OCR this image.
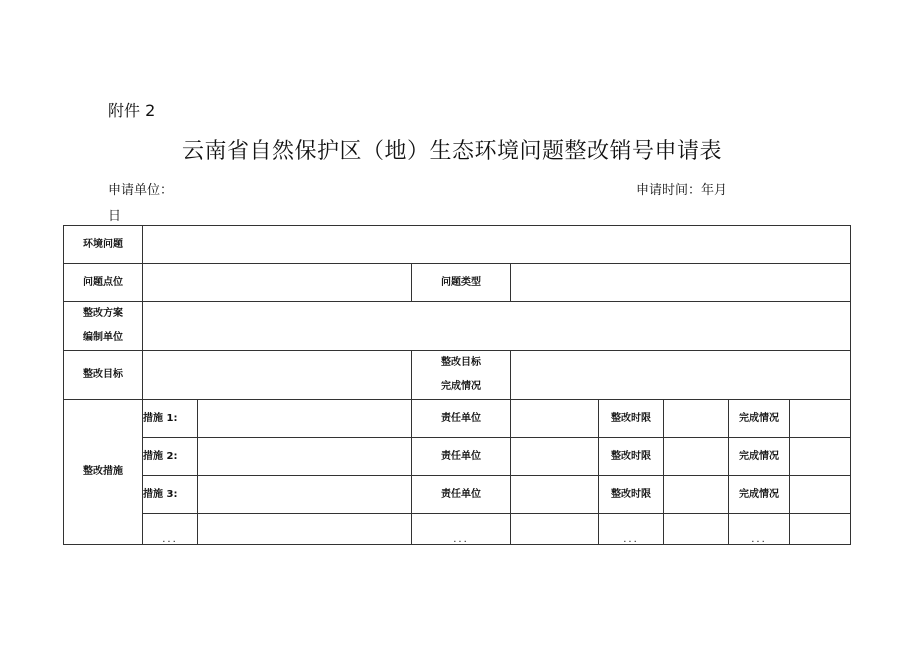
附件 2
云南省自然保护区（地）生态环境问题整改销号申请表
申请单位：	申请时间：年月
日
环境问题								
问题点位			问题类型					

整改方案
编制单位								

整改目标			整改目标
完成情况					

整改措施	措施 1:		责任单位		整改时限		完成情况	
	措施 2:		责任单位		整改时限		完成情况	
	措施 3:		责任单位		整改时限		完成情况	
	...		...		...		...	
